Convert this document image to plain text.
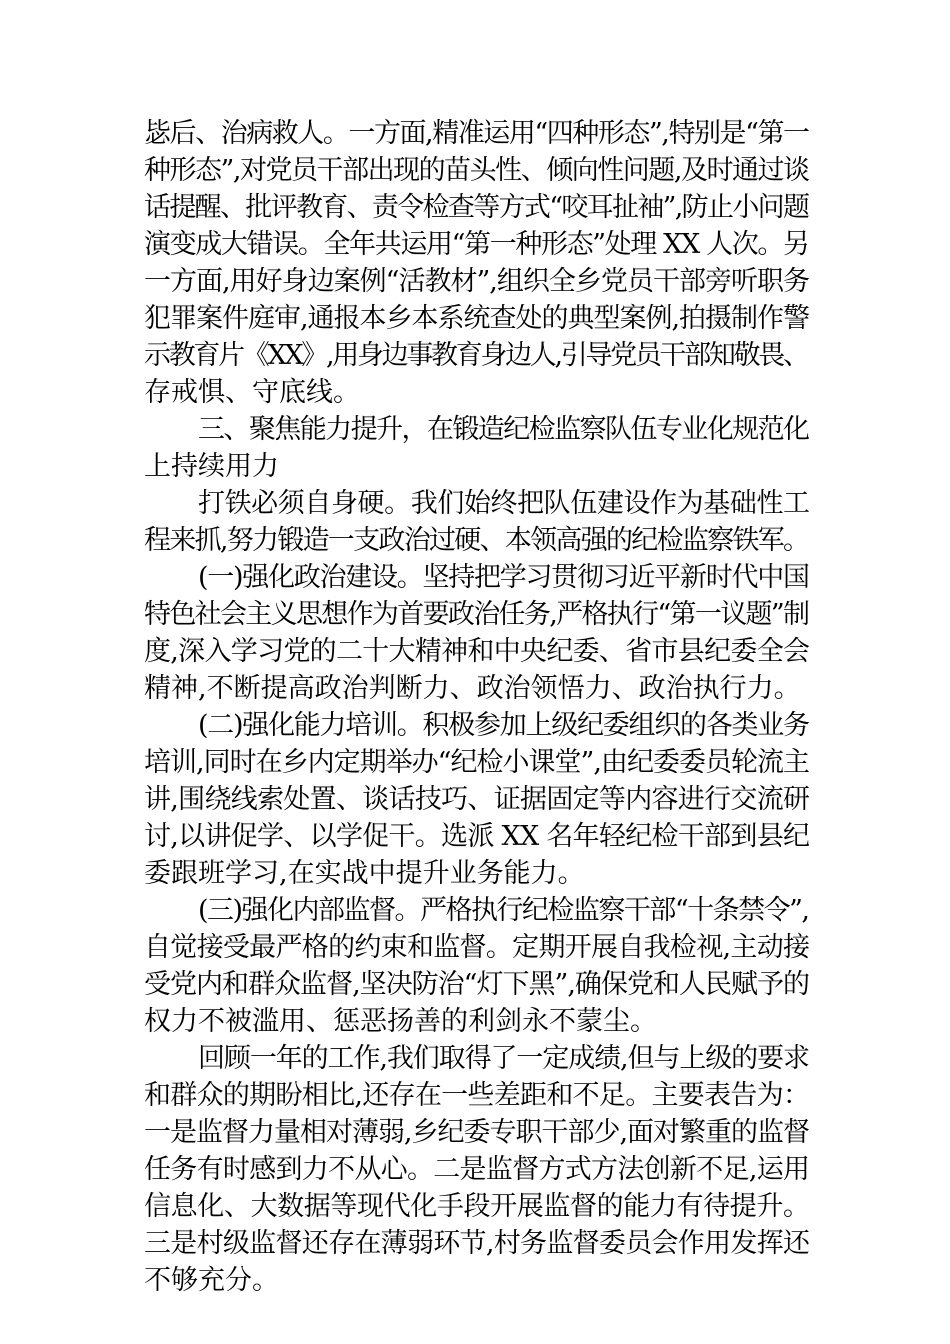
毖后、治病救人。一方面,精准运用“四种形态”,特别是“第一
种形态”,对党员干部出现的苗头性、倾向性问题,及时通过谈
话提醒、批评教育、责令检查等方式“咬耳扯袖”,防止小问题
演变成大错误。全年共运用“第一种形态”处理 XX 人次。另
一方面,用好身边案例“活教材”,组织全乡党员干部旁听职务
犯罪案件庭审,通报本乡本系统查处的典型案例,拍摄制作警
示教育片《XX》,用身边事教育身边人,引导党员干部知敬畏、
存戒惧、守底线。
三、聚焦能力提升，在锻造纪检监察队伍专业化规范化
上持续用力
打铁必须自身硬。我们始终把队伍建设作为基础性工
程来抓,努力锻造一支政治过硬、本领高强的纪检监察铁军。
(一)强化政治建设。坚持把学习贯彻习近平新时代中国
特色社会主义思想作为首要政治任务,严格执行“第一议题”制
度,深入学习党的二十大精神和中央纪委、省市县纪委全会
精神,不断提高政治判断力、政治领悟力、政治执行力。
(二)强化能力培训。积极参加上级纪委组织的各类业务
培训,同时在乡内定期举办“纪检小课堂”,由纪委委员轮流主
讲,围绕线索处置、谈话技巧、证据固定等内容进行交流研
讨,以讲促学、以学促干。选派 XX 名年轻纪检干部到县纪
委跟班学习,在实战中提升业务能力。
(三)强化内部监督。严格执行纪检监察干部“十条禁令”,
自觉接受最严格的约束和监督。定期开展自我检视,主动接
受党内和群众监督,坚决防治“灯下黑”,确保党和人民赋予的
权力不被滥用、惩恶扬善的利剑永不蒙尘。
回顾一年的工作,我们取得了一定成绩,但与上级的要求
和群众的期盼相比,还存在一些差距和不足。主要表告为：
一是监督力量相对薄弱,乡纪委专职干部少,面对繁重的监督
任务有时感到力不从心。二是监督方式方法创新不足,运用
信息化、大数据等现代化手段开展监督的能力有待提升。
三是村级监督还存在薄弱环节,村务监督委员会作用发挥还
不够充分。
